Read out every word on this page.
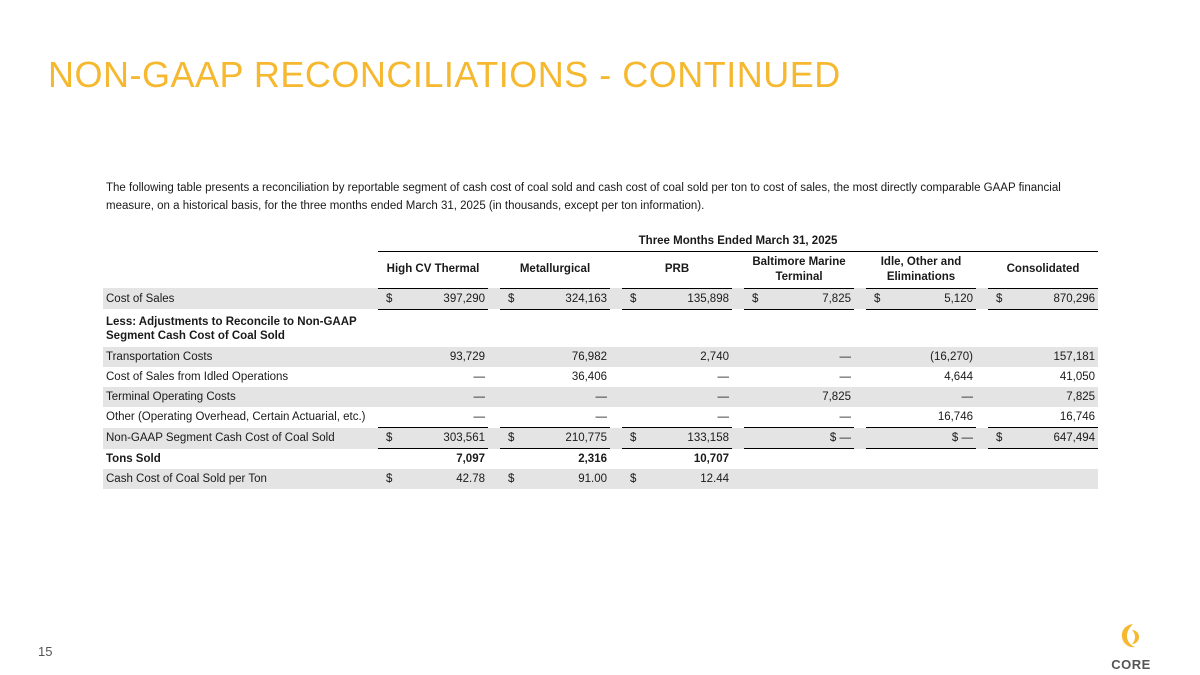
NON-GAAP RECONCILIATIONS - CONTINUED
The following table presents a reconciliation by reportable segment of cash cost of coal sold and cash cost of coal sold per ton to cost of sales, the most directly comparable GAAP financial measure, on a historical basis, for the three months ended March 31, 2025 (in thousands, except per ton information).
	Three Months Ended March 31, 2025										
	High CV Thermal		Metallurgical		PRB		Baltimore Marine Terminal		Idle, Other and Eliminations		Consolidated
Cost of Sales	$ 397,290		$ 324,163		$ 135,898		$ 7,825		$ 5,120		$ 870,296
Less: Adjustments to Reconcile to Non-GAAP Segment Cash Cost of Coal Sold											
Transportation Costs	93,729		76,982		2,740		—		(16,270)		157,181
Cost of Sales from Idled Operations	—		36,406		—		—		4,644		41,050
Terminal Operating Costs	—		—		—		7,825		—		7,825
Other (Operating Overhead, Certain Actuarial, etc.)	—		—		—		—		16,746		16,746
Non-GAAP Segment Cash Cost of Coal Sold	$ 303,561		$ 210,775		$ 133,158		$ —		$ —		$ 647,494
Tons Sold	7,097		2,316		10,707						
Cash Cost of Coal Sold per Ton	$ 42.78		$ 91.00		$ 12.44		

15
CORE
